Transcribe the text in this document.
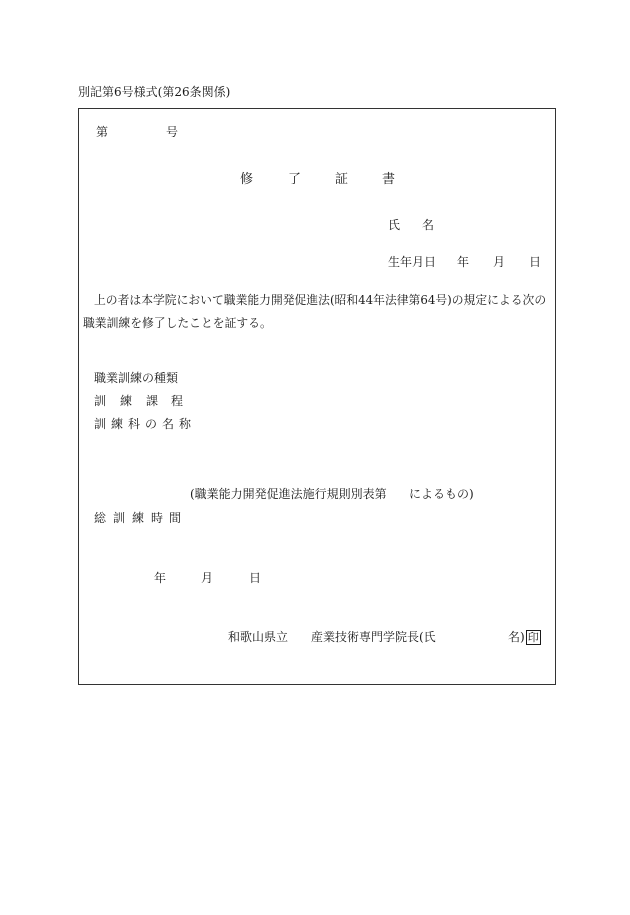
別記第6号様式(第26条関係)
第	号
修	了	証	書
氏 名
生年月日 年 月 日
上の者は本学院において職業能力開発促進法(昭和44年法律第64号)の規定による次の
職業訓練を修了したことを証する。
職業訓練の種類
訓 練 課 程
訓 練 科 の 名 称
(職業能力開発促進法施行規則別表第 によるもの)
総 訓 練 時 間
年	月	日
和歌山県立 産業技術専門学院長(氏	名) 印
